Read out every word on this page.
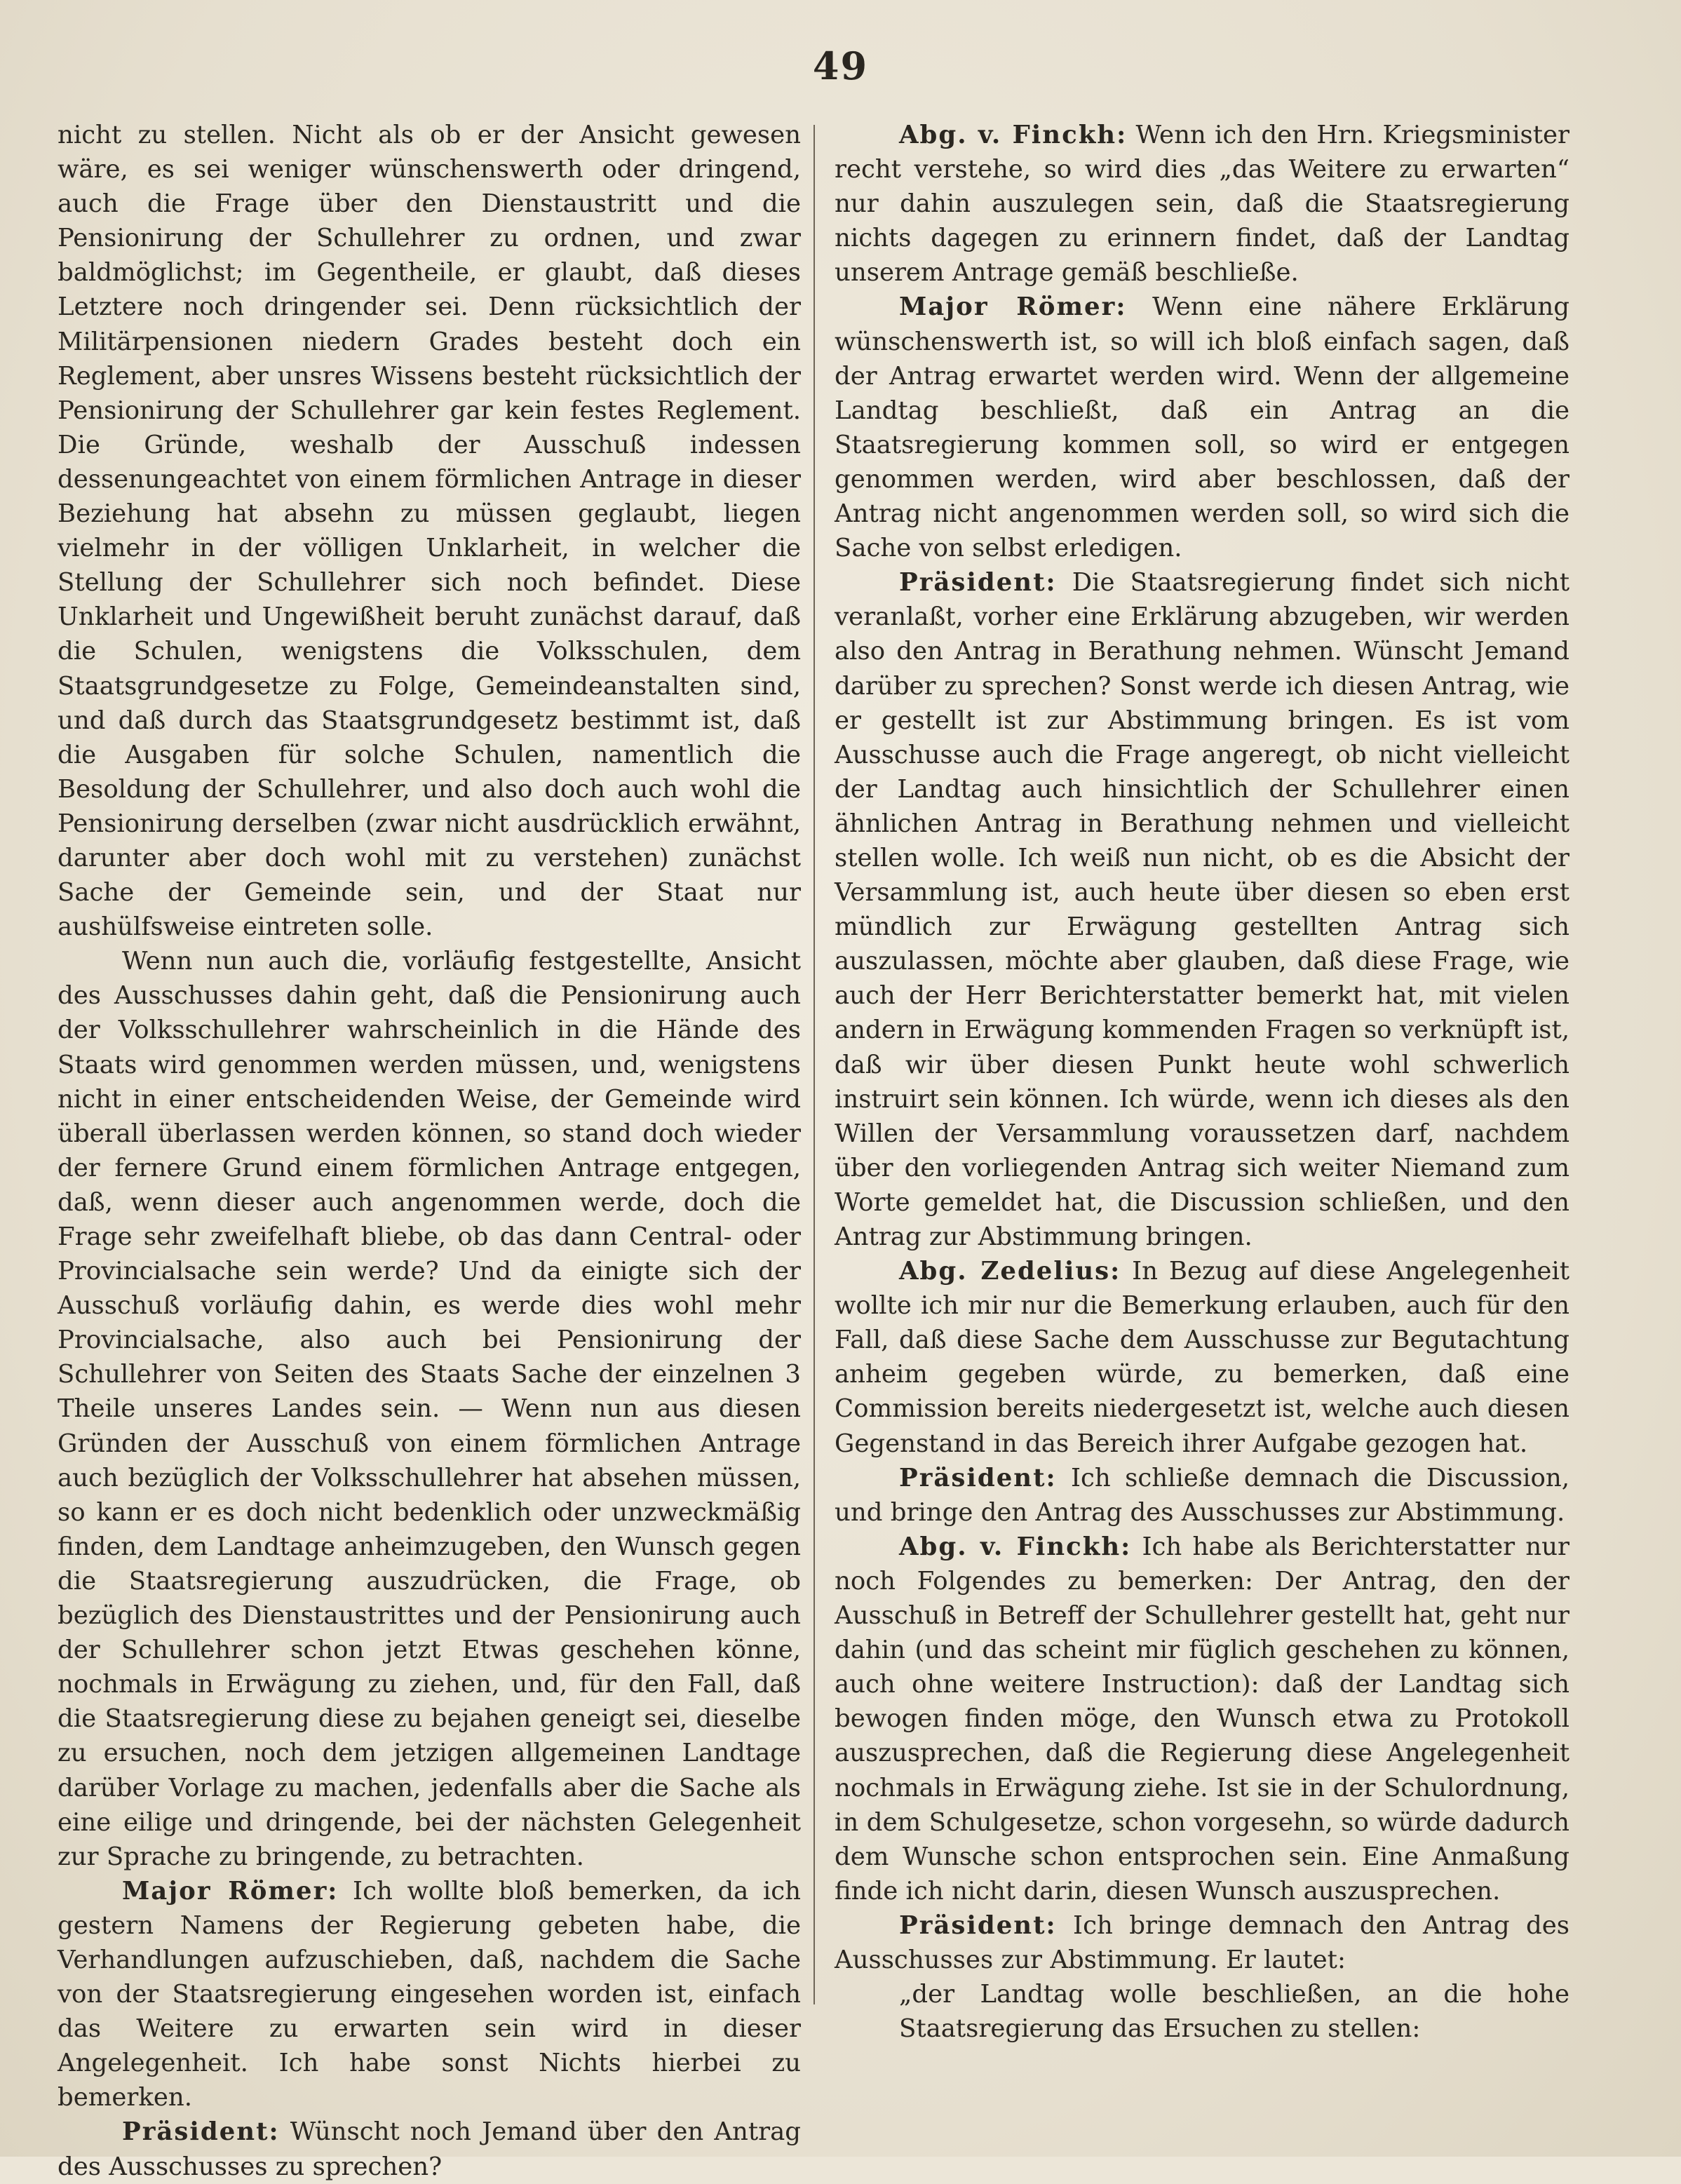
49

nicht zu stellen. Nicht als ob er der Ansicht gewesen wäre, es sei weniger wünschenswerth oder dringend, auch die Frage über den Dienstaustritt und die Pensionirung der Schullehrer zu ordnen, und zwar baldmöglichst; im Gegentheile, er glaubt, daß dieses Letztere noch dringender sei. Denn rücksichtlich der Militärpensionen niedern Grades besteht doch ein Reglement, aber unsres Wissens besteht rücksichtlich der Pensionirung der Schullehrer gar kein festes Reglement. Die Gründe, weshalb der Ausschuß indessen dessenungeachtet von einem förmlichen Antrage in dieser Beziehung hat absehn zu müssen geglaubt, liegen vielmehr in der völligen Unklarheit, in welcher die Stellung der Schullehrer sich noch befindet. Diese Unklarheit und Ungewißheit beruht zunächst darauf, daß die Schulen, wenigstens die Volksschulen, dem Staatsgrundgesetze zu Folge, Gemeindeanstalten sind, und daß durch das Staatsgrundgesetz bestimmt ist, daß die Ausgaben für solche Schulen, namentlich die Besoldung der Schullehrer, und also doch auch wohl die Pensionirung derselben (zwar nicht ausdrücklich erwähnt, darunter aber doch wohl mit zu verstehen) zunächst Sache der Gemeinde sein, und der Staat nur aushülfsweise eintreten solle.

Wenn nun auch die, vorläufig festgestellte, Ansicht des Ausschusses dahin geht, daß die Pensionirung auch der Volksschullehrer wahrscheinlich in die Hände des Staats wird genommen werden müssen, und, wenigstens nicht in einer entscheidenden Weise, der Gemeinde wird überall überlassen werden können, so stand doch wieder der fernere Grund einem förmlichen Antrage entgegen, daß, wenn dieser auch angenommen werde, doch die Frage sehr zweifelhaft bliebe, ob das dann Central- oder Provincialsache sein werde? Und da einigte sich der Ausschuß vorläufig dahin, es werde dies wohl mehr Provincialsache, also auch bei Pensionirung der Schullehrer von Seiten des Staats Sache der einzelnen 3 Theile unseres Landes sein. — Wenn nun aus diesen Gründen der Ausschuß von einem förmlichen Antrage auch bezüglich der Volksschullehrer hat absehen müssen, so kann er es doch nicht bedenklich oder unzweckmäßig finden, dem Landtage anheimzugeben, den Wunsch gegen die Staatsregierung auszudrücken, die Frage, ob bezüglich des Dienstaustrittes und der Pensionirung auch der Schullehrer schon jetzt Etwas geschehen könne, nochmals in Erwägung zu ziehen, und, für den Fall, daß die Staatsregierung diese zu bejahen geneigt sei, dieselbe zu ersuchen, noch dem jetzigen allgemeinen Landtage darüber Vorlage zu machen, jedenfalls aber die Sache als eine eilige und dringende, bei der nächsten Gelegenheit zur Sprache zu bringende, zu betrachten.

Major Römer: Ich wollte bloß bemerken, da ich gestern Namens der Regierung gebeten habe, die Verhandlungen aufzuschieben, daß, nachdem die Sache von der Staatsregierung eingesehen worden ist, einfach das Weitere zu erwarten sein wird in dieser Angelegenheit. Ich habe sonst Nichts hierbei zu bemerken.

Präsident: Wünscht noch Jemand über den Antrag des Ausschusses zu sprechen?

Abg. v. Finckh: Wenn ich den Hrn. Kriegsminister recht verstehe, so wird dies „das Weitere zu erwarten“ nur dahin auszulegen sein, daß die Staatsregierung nichts dagegen zu erinnern findet, daß der Landtag unserem Antrage gemäß beschließe.

Major Römer: Wenn eine nähere Erklärung wünschenswerth ist, so will ich bloß einfach sagen, daß der Antrag erwartet werden wird. Wenn der allgemeine Landtag beschließt, daß ein Antrag an die Staatsregierung kommen soll, so wird er entgegen genommen werden, wird aber beschlossen, daß der Antrag nicht angenommen werden soll, so wird sich die Sache von selbst erledigen.

Präsident: Die Staatsregierung findet sich nicht veranlaßt, vorher eine Erklärung abzugeben, wir werden also den Antrag in Berathung nehmen. Wünscht Jemand darüber zu sprechen? Sonst werde ich diesen Antrag, wie er gestellt ist zur Abstimmung bringen. Es ist vom Ausschusse auch die Frage angeregt, ob nicht vielleicht der Landtag auch hinsichtlich der Schullehrer einen ähnlichen Antrag in Berathung nehmen und vielleicht stellen wolle. Ich weiß nun nicht, ob es die Absicht der Versammlung ist, auch heute über diesen so eben erst mündlich zur Erwägung gestellten Antrag sich auszulassen, möchte aber glauben, daß diese Frage, wie auch der Herr Berichterstatter bemerkt hat, mit vielen andern in Erwägung kommenden Fragen so verknüpft ist, daß wir über diesen Punkt heute wohl schwerlich instruirt sein können. Ich würde, wenn ich dieses als den Willen der Versammlung voraussetzen darf, nachdem über den vorliegenden Antrag sich weiter Niemand zum Worte gemeldet hat, die Discussion schließen, und den Antrag zur Abstimmung bringen.

Abg. Zedelius: In Bezug auf diese Angelegenheit wollte ich mir nur die Bemerkung erlauben, auch für den Fall, daß diese Sache dem Ausschusse zur Begutachtung anheim gegeben würde, zu bemerken, daß eine Commission bereits niedergesetzt ist, welche auch diesen Gegenstand in das Bereich ihrer Aufgabe gezogen hat.

Präsident: Ich schließe demnach die Discussion, und bringe den Antrag des Ausschusses zur Abstimmung.

Abg. v. Finckh: Ich habe als Berichterstatter nur noch Folgendes zu bemerken: Der Antrag, den der Ausschuß in Betreff der Schullehrer gestellt hat, geht nur dahin (und das scheint mir füglich geschehen zu können, auch ohne weitere Instruction): daß der Landtag sich bewogen finden möge, den Wunsch etwa zu Protokoll auszusprechen, daß die Regierung diese Angelegenheit nochmals in Erwägung ziehe. Ist sie in der Schulordnung, in dem Schulgesetze, schon vorgesehn, so würde dadurch dem Wunsche schon entsprochen sein. Eine Anmaßung finde ich nicht darin, diesen Wunsch auszusprechen.

Präsident: Ich bringe demnach den Antrag des Ausschusses zur Abstimmung. Er lautet:

„der Landtag wolle beschließen, an die hohe Staatsregierung das Ersuchen zu stellen:
